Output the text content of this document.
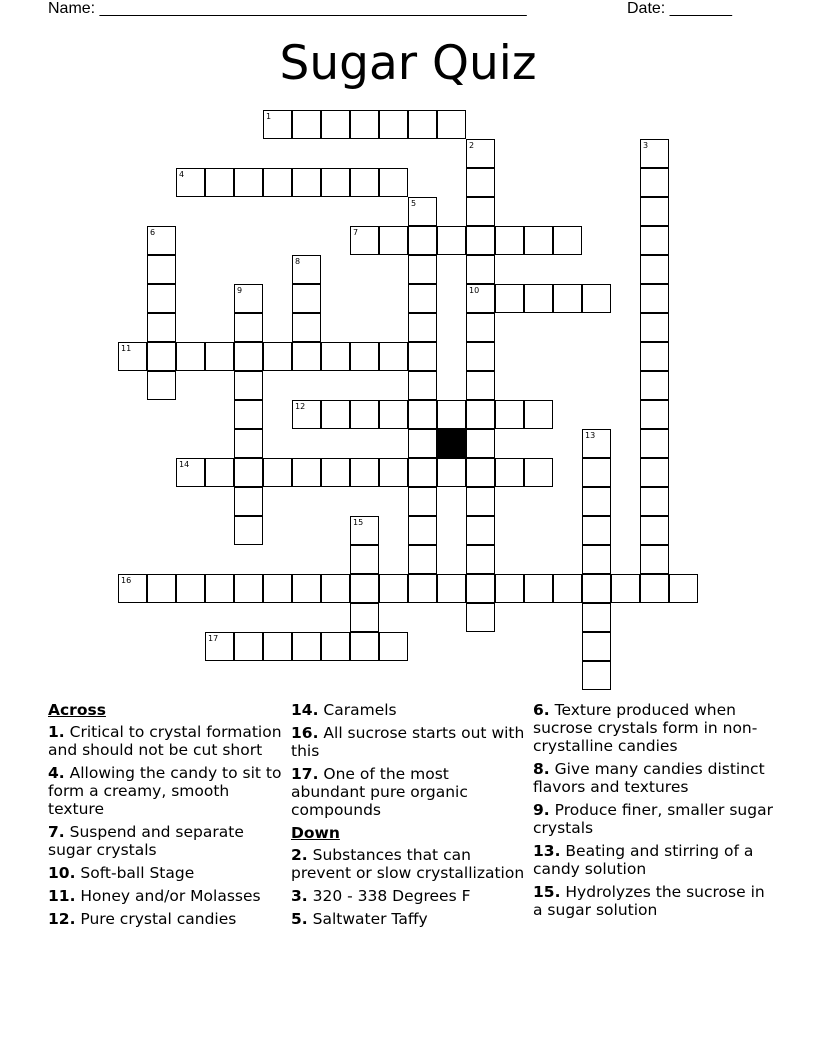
Name: ________________________________________________	Date: _______
Sugar Quiz
1
2
10
3
4
5
6	7
8
9
11
12
13
14
15
16
17
Across
1. Critical to crystal formation and should not be cut short
4. Allowing the candy to sit to form a creamy, smooth texture
7. Suspend and separate sugar crystals
10. Soft-ball Stage
11. Honey and/or Molasses
12. Pure crystal candies
14. Caramels
16. All sucrose starts out with this
17. One of the most abundant pure organic compounds
Down
2. Substances that can prevent or slow crystallization
3. 320 - 338 Degrees F
5. Saltwater Taffy
6. Texture produced when sucrose crystals form in non-crystalline candies
8. Give many candies distinct flavors and textures
9. Produce finer, smaller sugar crystals
13. Beating and stirring of a candy solution
15. Hydrolyzes the sucrose in a sugar solution
